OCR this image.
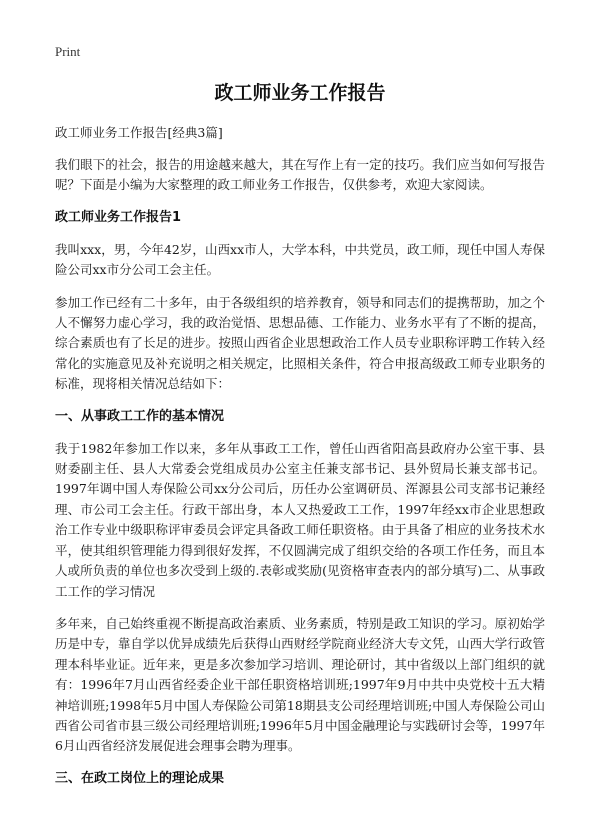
Print
政工师业务工作报告
政工师业务工作报告[经典3篇]

我们眼下的社会，报告的用途越来越大，其在写作上有一定的技巧。我们应当如何写报告呢？下面是小编为大家整理的政工师业务工作报告，仅供参考，欢迎大家阅读。

政工师业务工作报告1

我叫xxx，男，今年42岁，山西xx市人，大学本科，中共党员，政工师，现任中国人寿保险公司xx市分公司工会主任。

参加工作已经有二十多年，由于各级组织的培养教育，领导和同志们的提携帮助，加之个人不懈努力虚心学习，我的政治觉悟、思想品德、工作能力、业务水平有了不断的提高，综合素质也有了长足的进步。按照山西省企业思想政治工作人员专业职称评聘工作转入经常化的实施意见及补充说明之相关规定，比照相关条件，符合申报高级政工师专业职务的标准，现将相关情况总结如下：

一、从事政工工作的基本情况

我于1982年参加工作以来，多年从事政工工作，曾任山西省阳高县政府办公室干事、县财委副主任、县人大常委会党组成员办公室主任兼支部书记、县外贸局长兼支部书记。1997年调中国人寿保险公司xx分公司后，历任办公室调研员、浑源县公司支部书记兼经理、市公司工会主任。行政干部出身，本人又热爱政工工作，1997年经xx市企业思想政治工作专业中级职称评审委员会评定具备政工师任职资格。由于具备了相应的业务技术水平，使其组织管理能力得到很好发挥，不仅圆满完成了组织交给的各项工作任务，而且本人或所负责的单位也多次受到上级的.表彰或奖励(见资格审查表内的部分填写)二、从事政工工作的学习情况

多年来，自己始终重视不断提高政治素质、业务素质，特别是政工知识的学习。原初始学历是中专，靠自学以优异成绩先后获得山西财经学院商业经济大专文凭，山西大学行政管理本科毕业证。近年来，更是多次参加学习培训、理论研讨，其中省级以上部门组织的就有：1996年7月山西省经委企业干部任职资格培训班;1997年9月中共中央党校十五大精神培训班;1998年5月中国人寿保险公司第18期县支公司经理培训班;中国人寿保险公司山西省公司省市县三级公司经理培训班;1996年5月中国金融理论与实践研讨会等，1997年6月山西省经济发展促进会理事会聘为理事。

三、在政工岗位上的理论成果
